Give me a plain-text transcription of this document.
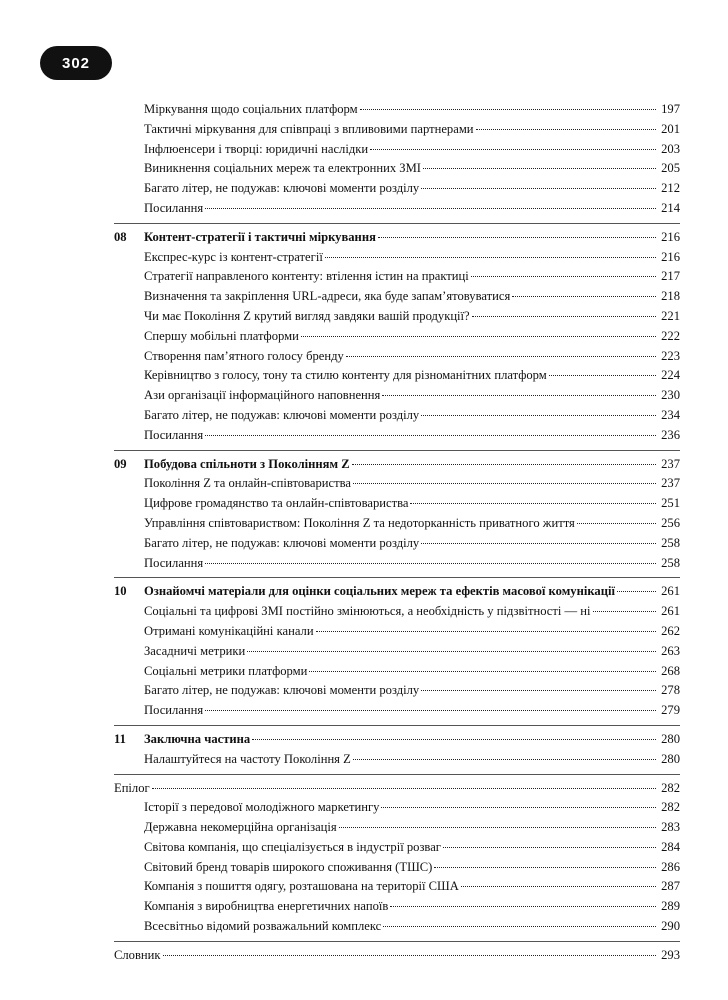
302
Міркування щодо соціальних платформ	197
Тактичні міркування для співпраці з впливовими партнерами	201
Інфлюенсери і творці: юридичні наслідки	203
Виникнення соціальних мереж та електронних ЗМІ	205
Багато літер, не подужав: ключові моменти розділу	212
Посилання	214
08	Контент-стратегії і тактичні міркування	216
Експрес-курс із контент-стратегії	216
Стратегії направленого контенту: втілення істин на практиці	217
Визначення та закріплення URL-адреси, яка буде запам’ятовуватися	218
Чи має Покоління Z крутий вигляд завдяки вашій продукції?	221
Спершу мобільні платформи	222
Створення пам’ятного голосу бренду	223
Керівництво з голосу, тону та стилю контенту для різноманітних платформ	224
Ази організації інформаційного наповнення	230
Багато літер, не подужав: ключові моменти розділу	234
Посилання	236
09	Побудова спільноти з Поколінням Z	237
Покоління Z та онлайн-співтовариства	237
Цифрове громадянство та онлайн-співтовариства	251
Управління співтовариством: Покоління Z та недоторканність приватного життя	256
Багато літер, не подужав: ключові моменти розділу	258
Посилання	258
10	Ознайомчі матеріали для оцінки соціальних мереж та ефектів масової комунікації	261
Соціальні та цифрові ЗМІ постійно змінюються, а необхідність у підзвітності — ні	261
Отримані комунікаційні канали	262
Засадничі метрики	263
Соціальні метрики платформи	268
Багато літер, не подужав: ключові моменти розділу	278
Посилання	279
11	Заключна частина	280
Налаштуйтеся на частоту Покоління Z	280
Епілог	282
Історії з передової молодіжного маркетингу	282
Державна некомерційна організація	283
Світова компанія, що спеціалізується в індустрії розваг	284
Світовий бренд товарів широкого споживання (ТШС)	286
Компанія з пошиття одягу, розташована на території США	287
Компанія з виробництва енергетичних напоїв	289
Всесвітньо відомий розважальний комплекс	290
Словник	293
